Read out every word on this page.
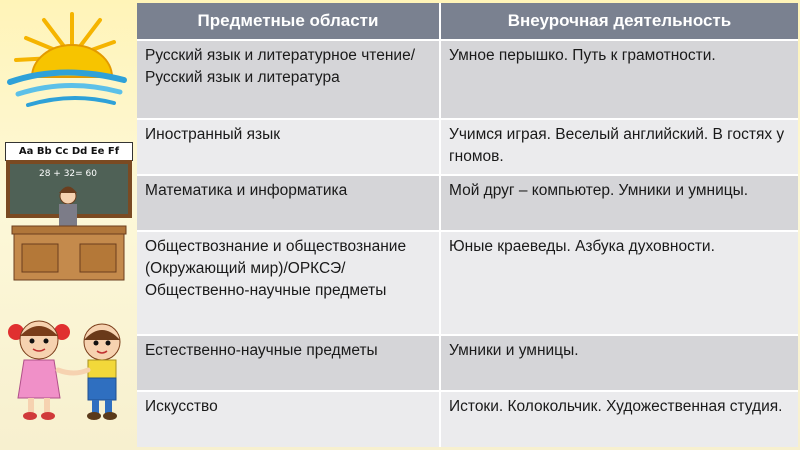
Aa Bb Cc Dd Ee Ff
28 + 32= 60
Предметные области	Внеурочная деятельность
Русский язык и литературное чтение/Русский язык и литература	Умное перышко. Путь к грамотности.
Иностранный язык	Учимся играя. Веселый английский. В гостях у гномов.
Математика и информатика	Мой друг – компьютер. Умники и умницы.
Обществознание и обществознание (Окружающий мир)/ОРКСЭ/Общественно-научные предметы	Юные краеведы. Азбука духовности.
Естественно-научные предметы	Умники и умницы.
Искусство	Истоки. Колокольчик. Художественная студия.
